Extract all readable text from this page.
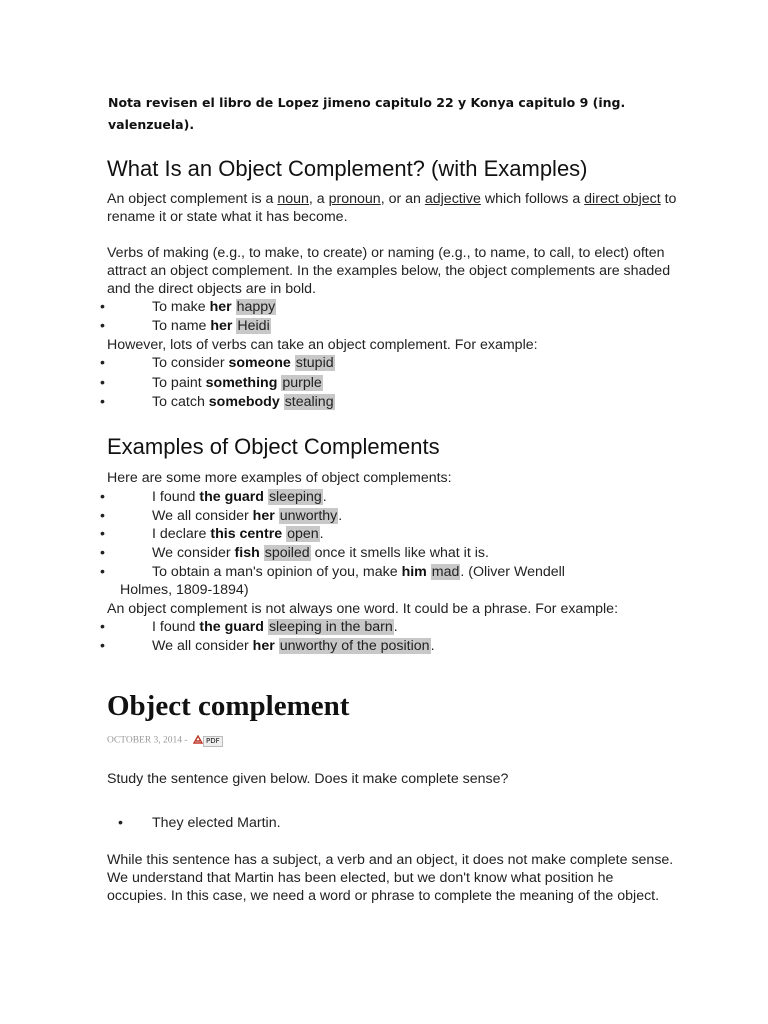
Nota revisen el libro de Lopez jimeno capitulo 22 y Konya capitulo 9 (ing. valenzuela).
What Is an Object Complement? (with Examples)
An object complement is a noun, a pronoun, or an adjective which follows a direct object to rename it or state what it has become.
Verbs of making (e.g., to make, to create) or naming (e.g., to name, to call, to elect) often attract an object complement. In the examples below, the object complements are shaded and the direct objects are in bold.
•	To make her happy
•	To name her Heidi
However, lots of verbs can take an object complement. For example:
•	To consider someone stupid
•	To paint something purple
•	To catch somebody stealing
Examples of Object Complements
Here are some more examples of object complements:
•	I found the guard sleeping.
•	We all consider her unworthy.
•	I declare this centre open.
•	We consider fish spoiled once it smells like what it is.
•	To obtain a man's opinion of you, make him mad. (Oliver Wendell
Holmes, 1809-1894)
An object complement is not always one word. It could be a phrase. For example:
•	I found the guard sleeping in the barn.
•	We all consider her unworthy of the position.
Object complement
OCTOBER 3, 2014 - PDF
Study the sentence given below. Does it make complete sense?
• They elected Martin.
While this sentence has a subject, a verb and an object, it does not make complete sense. We understand that Martin has been elected, but we don't know what position he occupies. In this case, we need a word or phrase to complete the meaning of the object.
